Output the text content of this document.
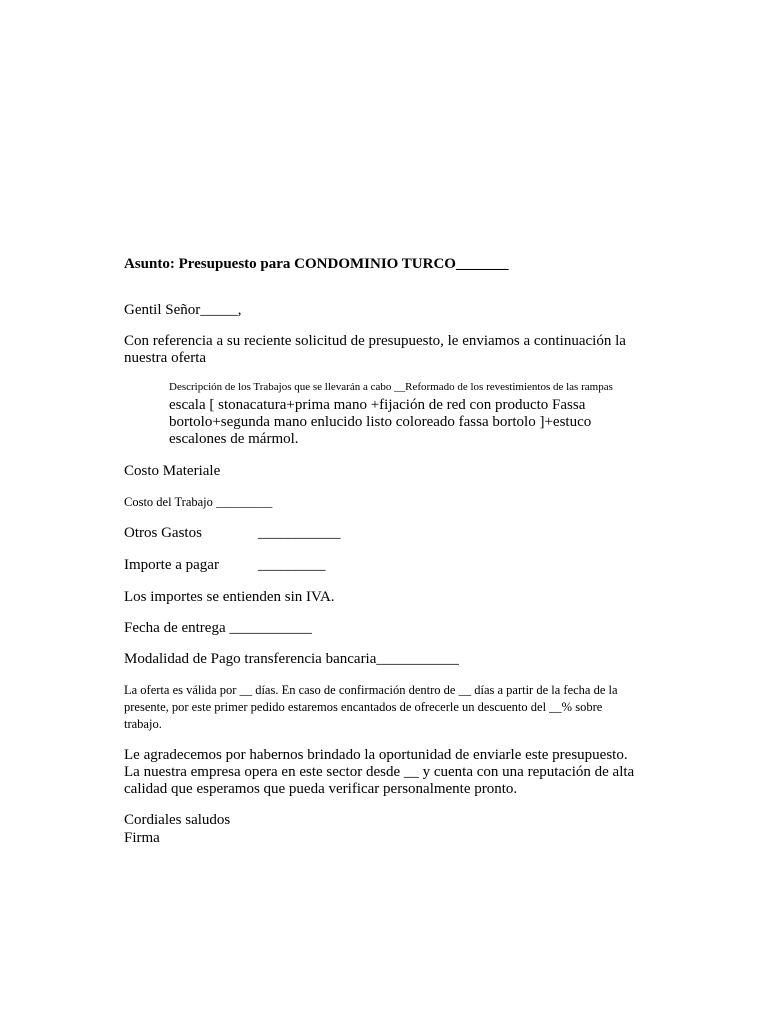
Asunto: Presupuesto para CONDOMINIO TURCO_______

Gentil Señor_____,

Con referencia a su reciente solicitud de presupuesto, le enviamos a continuación la nuestra oferta

Descripción de los Trabajos que se llevarán a cabo __Reformado de los revestimientos de las rampas
escala [ stonacatura+prima mano +fijación de red con producto Fassa bortolo+segunda mano enlucido listo coloreado fassa bortolo ]+estuco escalones de mármol.

Costo Materiale

Costo del Trabajo _________

Otros Gastos	___________

Importe a pagar	_________

Los importes se entienden sin IVA.

Fecha de entrega ___________

Modalidad de Pago transferencia bancaria___________

La oferta es válida por __ días. En caso de confirmación dentro de __ días a partir de la fecha de la presente, por este primer pedido estaremos encantados de ofrecerle un descuento del __% sobre trabajo.

Le agradecemos por habernos brindado la oportunidad de enviarle este presupuesto. La nuestra empresa opera en este sector desde __ y cuenta con una reputación de alta calidad que esperamos que pueda verificar personalmente pronto.

Cordiales saludos

Firma
